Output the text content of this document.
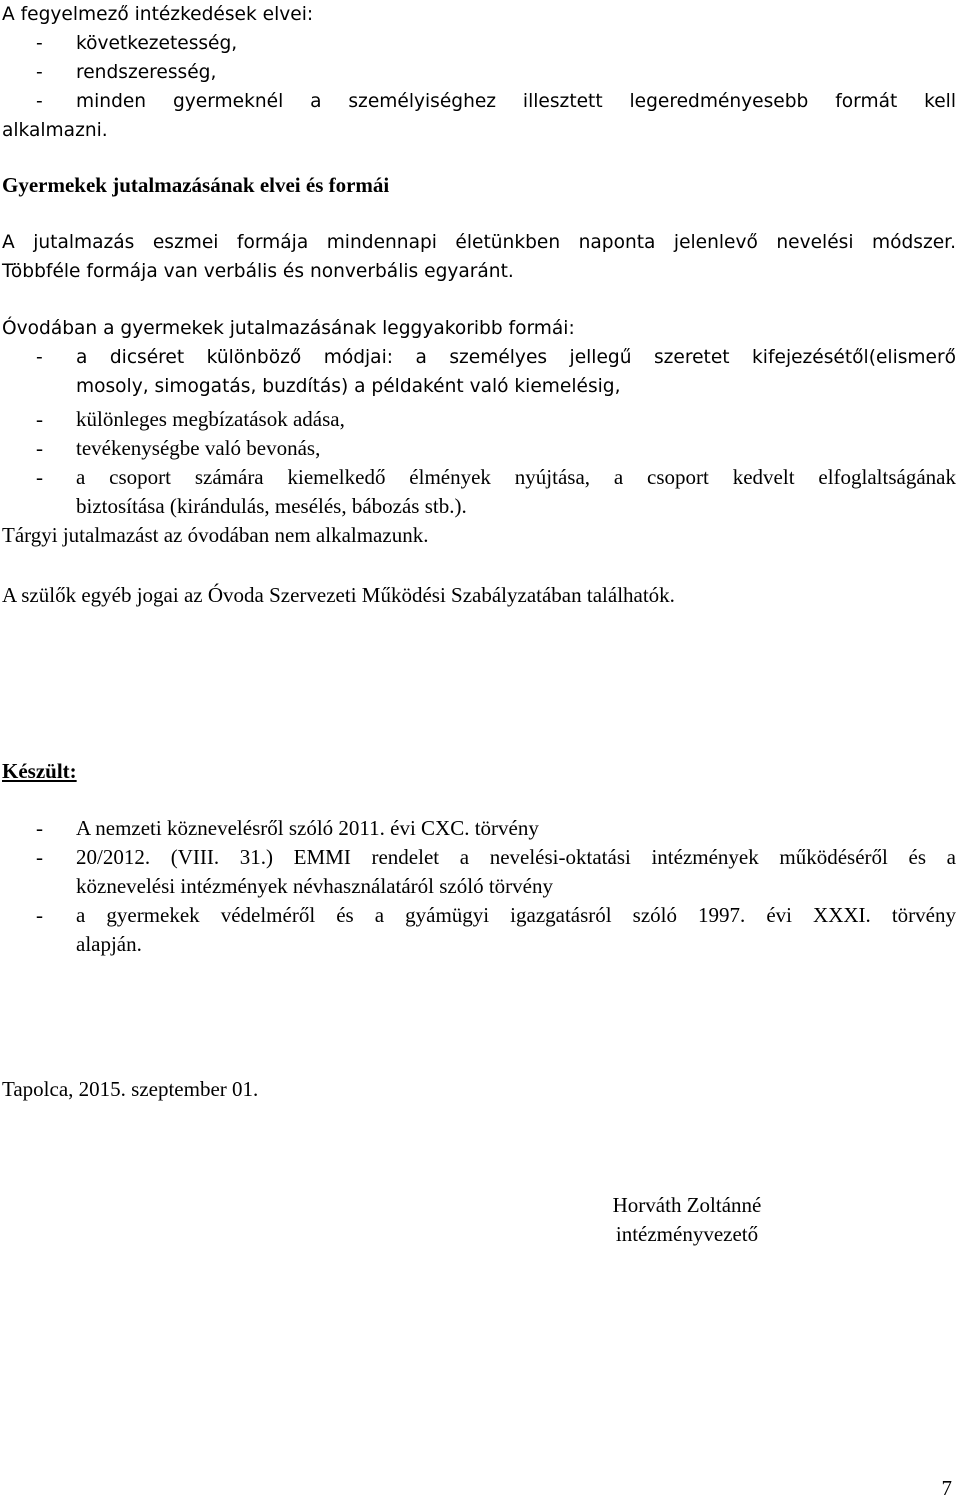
A fegyelmező intézkedések elvei:
- következetesség,
- rendszeresség,
-	minden gyermeknél a személyiséghez illesztett legeredményesebb formát kell
alkalmazni.
Gyermekek jutalmazásának elvei és formái
A jutalmazás eszmei formája mindennapi életünkben naponta jelenlevő nevelési módszer.
Többféle formája van verbális és nonverbális egyaránt.
Óvodában a gyermekek jutalmazásának leggyakoribb formái:
-	a dicséret különböző módjai: a személyes jellegű szeretet kifejezésétől(elismerő
mosoly, simogatás, buzdítás) a példaként való kiemelésig,
- különleges megbízatások adása,
- tevékenységbe való bevonás,
-	a csoport számára kiemelkedő élmények nyújtása, a csoport kedvelt elfoglaltságának
biztosítása (kirándulás, mesélés, bábozás stb.).
Tárgyi jutalmazást az óvodában nem alkalmazunk.
A szülők egyéb jogai az Óvoda Szervezeti Működési Szabályzatában találhatók.
Készült:
- A nemzeti köznevelésről szóló 2011. évi CXC. törvény
-	20/2012. (VIII. 31.) EMMI rendelet a nevelési-oktatási intézmények működéséről és a
köznevelési intézmények névhasználatáról szóló törvény
-	a gyermekek védelméről és a gyámügyi igazgatásról szóló 1997. évi XXXI. törvény
alapján.
Tapolca, 2015. szeptember 01.
Horváth Zoltánné
intézményvezető
7
